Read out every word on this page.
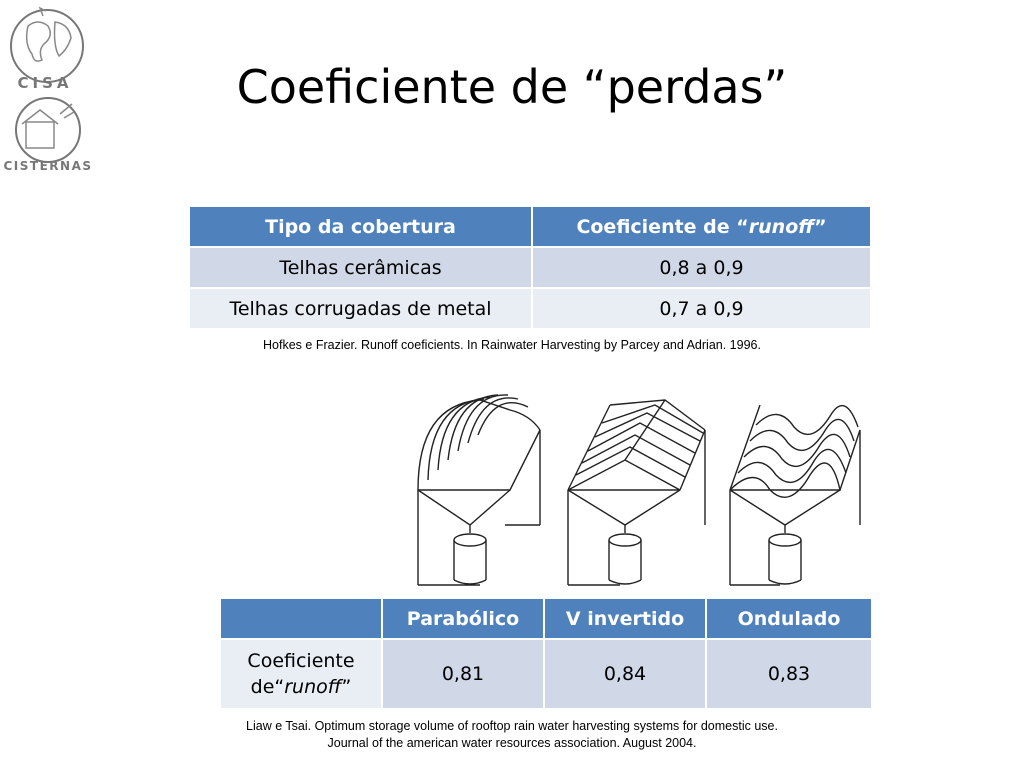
CISA
CISTERNAS
Coeficiente de “perdas”
Tipo da cobertura	Coeficiente de “runoff”
Telhas cerâmicas	0,8 a 0,9
Telhas corrugadas de metal	0,7 a 0,9
Hofkes e Frazier. Runoff coeficients. In Rainwater Harvesting by Parcey and Adrian. 1996.
	Parabólico	V invertido	Ondulado
Coeficiente
de“runoff”	0,81	0,84	0,83
Liaw e Tsai. Optimum storage volume of rooftop rain water harvesting systems for domestic use.
Journal of the american water resources association. August 2004.
